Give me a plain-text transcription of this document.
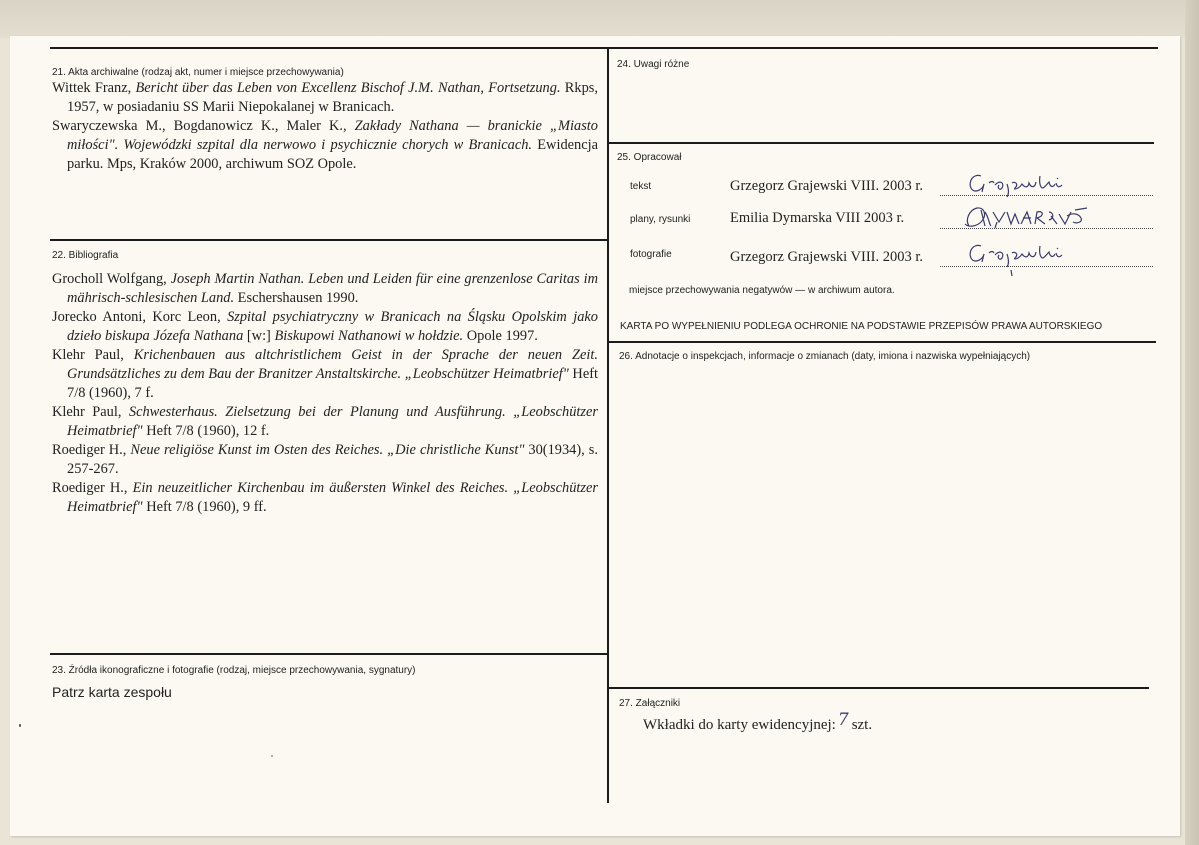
21. Akta archiwalne (rodzaj akt, numer i miejsce przechowywania)

Wittek Franz, Bericht über das Leben von Excellenz Bischof J.M. Nathan, Fortsetzung. Rkps, 1957, w posiadaniu SS Marii Niepokalanej w Branicach.

Swaryczewska M., Bogdanowicz K., Maler K., Zakłady Nathana — branickie „Miasto miłości". Wojewódzki szpital dla nerwowo i psychicznie chorych w Branicach. Ewidencja parku. Mps, Kraków 2000, archiwum SOZ Opole.

22. Bibliografia

Grocholl Wolfgang, Joseph Martin Nathan. Leben und Leiden für eine grenzenlose Caritas im mährisch-schlesischen Land. Eschershausen 1990.

Jorecko Antoni, Korc Leon, Szpital psychiatryczny w Branicach na Śląsku Opolskim jako dzieło biskupa Józefa Nathana [w:] Biskupowi Nathanowi w hołdzie. Opole 1997.

Klehr Paul, Krichenbauen aus altchristlichem Geist in der Sprache der neuen Zeit. Grundsätzliches zu dem Bau der Branitzer Anstaltskirche. „Leobschützer Heimatbrief" Heft 7/8 (1960), 7 f.

Klehr Paul, Schwesterhaus. Zielsetzung bei der Planung und Ausführung. „Leobschützer Heimatbrief" Heft 7/8 (1960), 12 f.

Roediger H., Neue religiöse Kunst im Osten des Reiches. „Die christliche Kunst" 30(1934), s. 257-267.

Roediger H., Ein neuzeitlicher Kirchenbau im äußersten Winkel des Reiches. „Leobschützer Heimatbrief" Heft 7/8 (1960), 9 ff.

23. Źródła ikonograficzne i fotografie (rodzaj, miejsce przechowywania, sygnatury)
Patrz karta zespołu
24. Uwagi różne
25. Opracował
tekst	Grzegorz Grajewski VIII. 2003 r.
plany, rysunki	Emilia Dymarska VIII 2003 r.
fotografie	Grzegorz Grajewski VIII. 2003 r.
miejsce przechowywania negatywów — w archiwum autora.
KARTA PO WYPEŁNIENIU PODLEGA OCHRONIE NA PODSTAWIE PRZEPISÓW PRAWA AUTORSKIEGO
26. Adnotacje o inspekcjach, informacje o zmianach (daty, imiona i nazwiska wypełniających)
27. Załączniki
Wkładki do karty ewidencyjnej: 7 szt.
